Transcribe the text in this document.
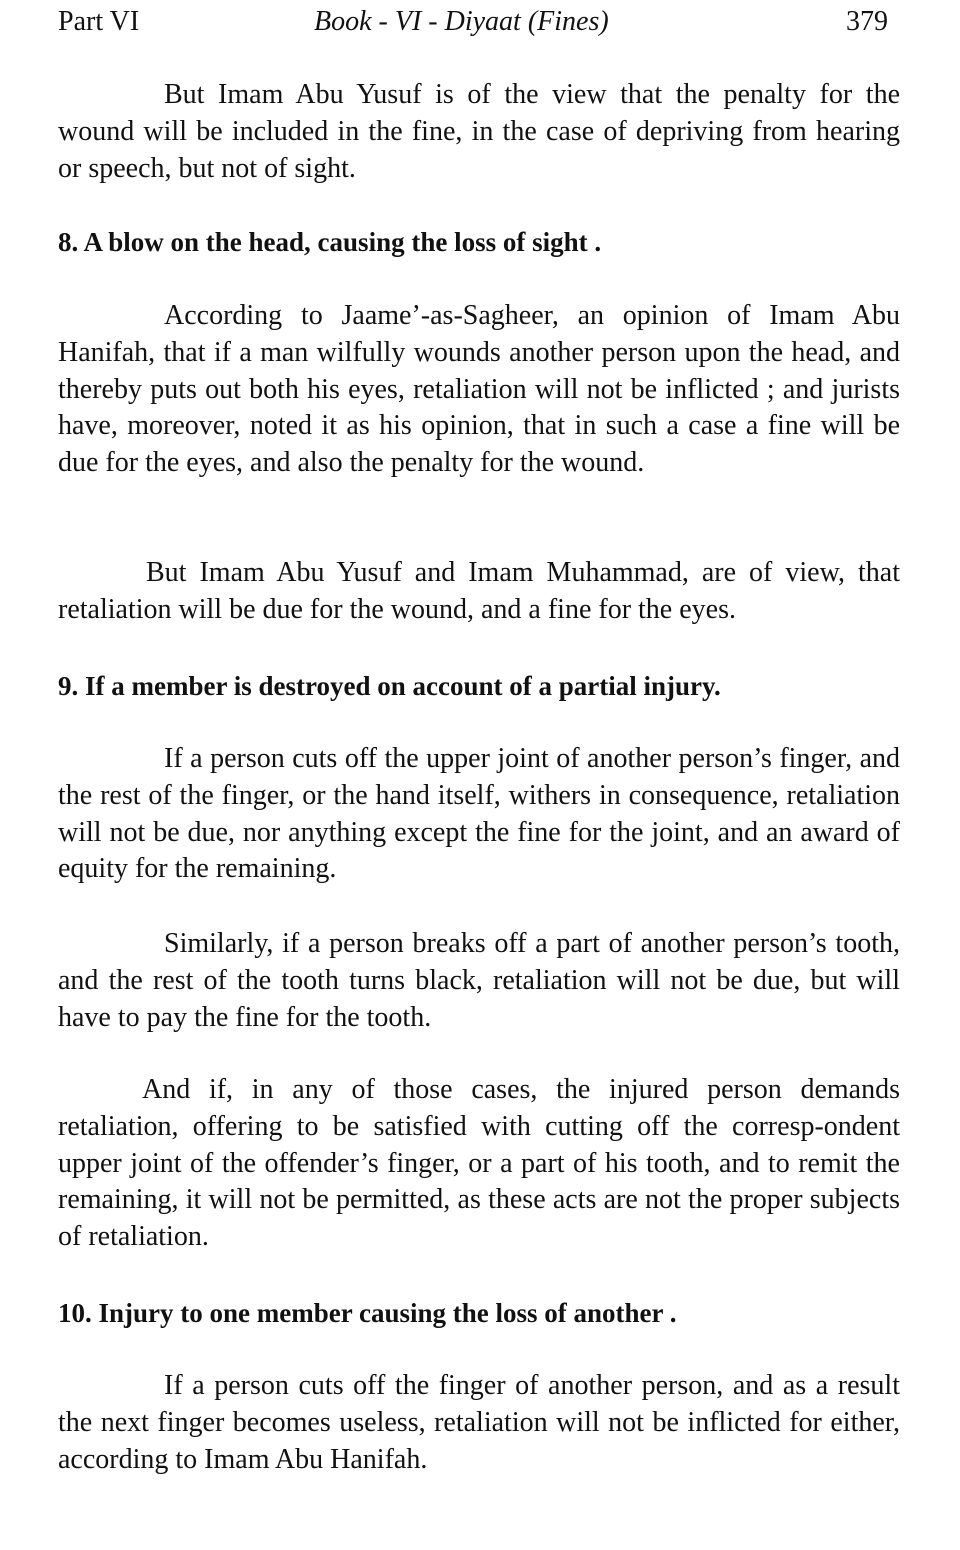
Part VI	Book - VI - Diyaat (Fines)	379

But Imam Abu Yusuf is of the view that the penalty for the wound will be included in the fine, in the case of depriving from hearing or speech, but not of sight.

8. A blow on the head, causing the loss of sight .

According to Jaame’-as-Sagheer, an opinion of Imam Abu Hanifah, that if a man wilfully wounds another person upon the head, and thereby puts out both his eyes, retaliation will not be inflicted ; and jurists have, moreover, noted it as his opinion, that in such a case a fine will be due for the eyes, and also the penalty for the wound.

But Imam Abu Yusuf and Imam Muhammad, are of view, that retaliation will be due for the wound, and a fine for the eyes.

9. If a member is destroyed on account of a partial injury.

If a person cuts off the upper joint of another person’s finger, and the rest of the finger, or the hand itself, withers in consequence, retaliation will not be due, nor anything except the fine for the joint, and an award of equity for the remaining.

Similarly, if a person breaks off a part of another person’s tooth, and the rest of the tooth turns black, retaliation will not be due, but will have to pay the fine for the tooth.

And if, in any of those cases, the injured person demands retaliation, offering to be satisfied with cutting off the corresp-ondent upper joint of the offender’s finger, or a part of his tooth, and to remit the remaining, it will not be permitted, as these acts are not the proper subjects of retaliation.

10. Injury to one member causing the loss of another .

If a person cuts off the finger of another person, and as a result the next finger becomes useless, retaliation will not be inflicted for either, according to Imam Abu Hanifah.
